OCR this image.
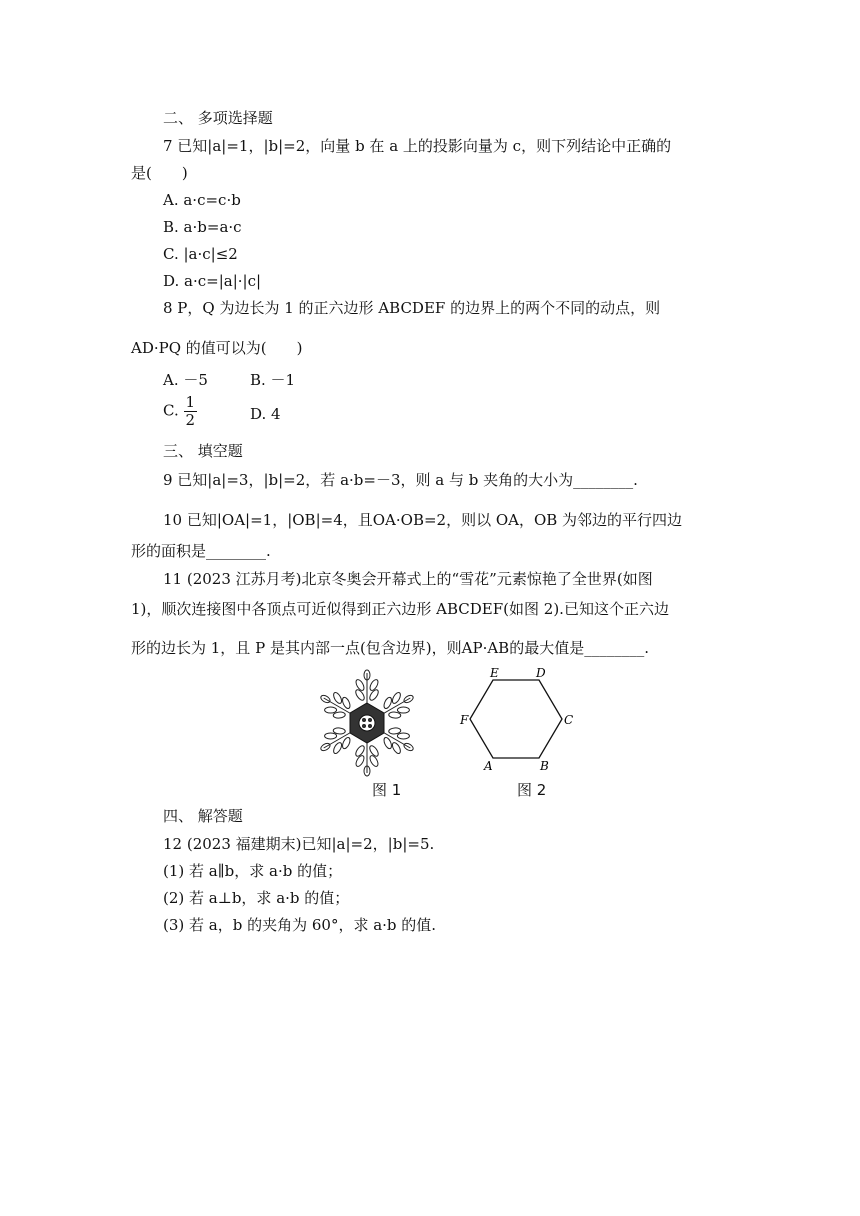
二、 多项选择题
7 已知|a|=1，|b|=2，向量 b 在 a 上的投影向量为 c，则下列结论中正确的
是(　　)
A. a·c=c·b
B. a·b=a·c
C. |a·c|≤2
D. a·c=|a|·|c|
8 P，Q 为边长为 1 的正六边形 ABCDEF 的边界上的两个不同的动点，则
AD·PQ 的值可以为(　　)
A. －5	B. －1
C. $\frac{1}{2}$	D. 4
三、 填空题
9 已知|a|=3，|b|=2，若 a·b=－3，则 a 与 b 夹角的大小为________.
10 已知|OA|=1，|OB|=4，且OA·OB=2，则以 OA，OB 为邻边的平行四边
形的面积是________.
11 (2023 江苏月考)北京冬奥会开幕式上的“雪花”元素惊艳了全世界(如图
1)，顺次连接图中各顶点可近似得到正六边形 ABCDEF(如图 2).已知这个正六边
形的边长为 1，且 P 是其内部一点(包含边界)，则AP·AB的最大值是________.
图 1
A	B
C
D
E
F
图 2
四、 解答题
12 (2023 福建期末)已知|a|=2，|b|=5.
(1) 若 a∥b，求 a·b 的值；
(2) 若 a⊥b，求 a·b 的值；
(3) 若 a，b 的夹角为 60°，求 a·b 的值.
